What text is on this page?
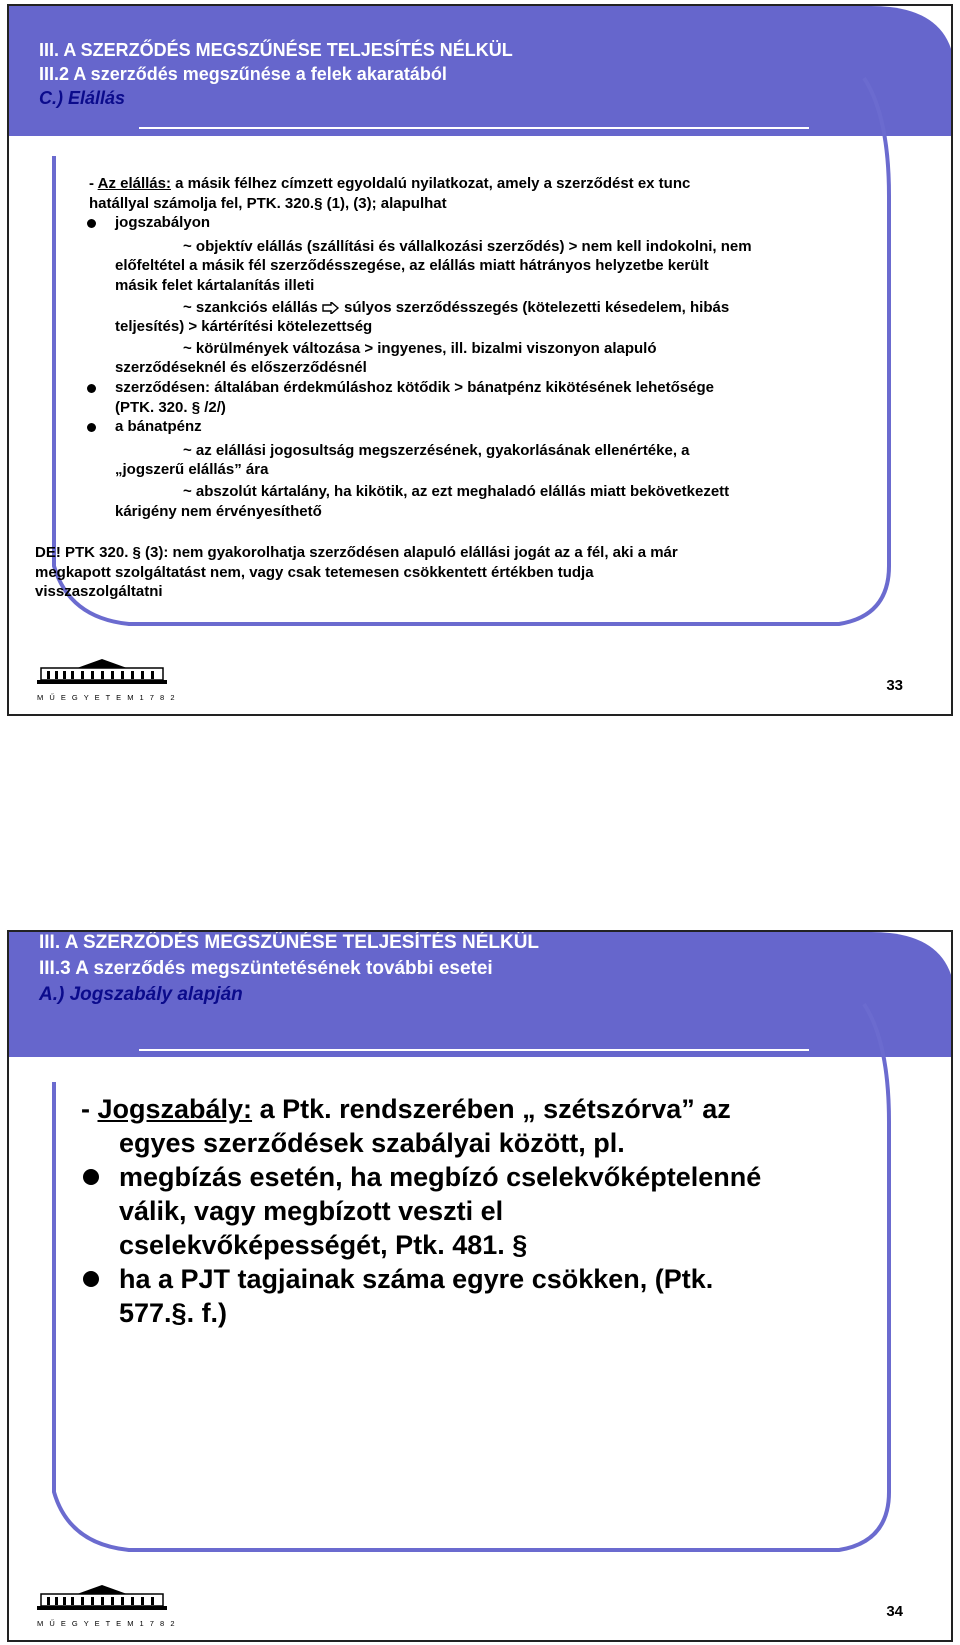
III. A SZERZŐDÉS MEGSZŰNÉSE TELJESÍTÉS NÉLKÜL
III.2 A szerződés megszűnése a felek akaratából
C.) Elállás
- Az elállás: a másik félhez címzett egyoldalú nyilatkozat, amely a szerződést ex tunc
hatállyal számolja fel, PTK. 320.§ (1), (3); alapulhat
jogszabályon
~ objektív elállás (szállítási és vállalkozási szerződés) > nem kell indokolni, nem
előfeltétel a másik fél szerződésszegése, az elállás miatt hátrányos helyzetbe került
másik felet kártalanítás illeti
~ szankciós elállás  súlyos szerződésszegés (kötelezetti késedelem, hibás
teljesítés) > kártérítési kötelezettség
~ körülmények változása > ingyenes, ill. bizalmi viszonyon alapuló
szerződéseknél és előszerződésnél
szerződésen: általában érdekmúláshoz kötődik > bánatpénz kikötésének lehetősége
(PTK. 320. § /2/)
a bánatpénz
~ az elállási jogosultság megszerzésének, gyakorlásának ellenértéke, a
„jogszerű elállás” ára
~ abszolút kártalány, ha kikötik, az ezt meghaladó elállás miatt bekövetkezett
kárigény nem érvényesíthető
DE! PTK 320. § (3): nem gyakorolhatja szerződésen alapuló elállási jogát az a fél, aki a már
megkapott szolgáltatást nem, vagy csak tetemesen csökkentett értékben tudja
visszaszolgáltatni
M Ű E G Y E T E M 1 7 8 2
33
III. A SZERZŐDÉS MEGSZŰNÉSE TELJESÍTÉS NÉLKÜL
III.3 A szerződés megszüntetésének további esetei
A.) Jogszabály alapján
- Jogszabály: a Ptk. rendszerében „ szétszórva” az
egyes szerződések szabályai között, pl.
megbízás esetén, ha megbízó cselekvőképtelenné
válik, vagy megbízott veszti el
cselekvőképességét, Ptk. 481. §
ha a PJT tagjainak száma egyre csökken, (Ptk.
577.§. f.)
M Ű E G Y E T E M 1 7 8 2
34
